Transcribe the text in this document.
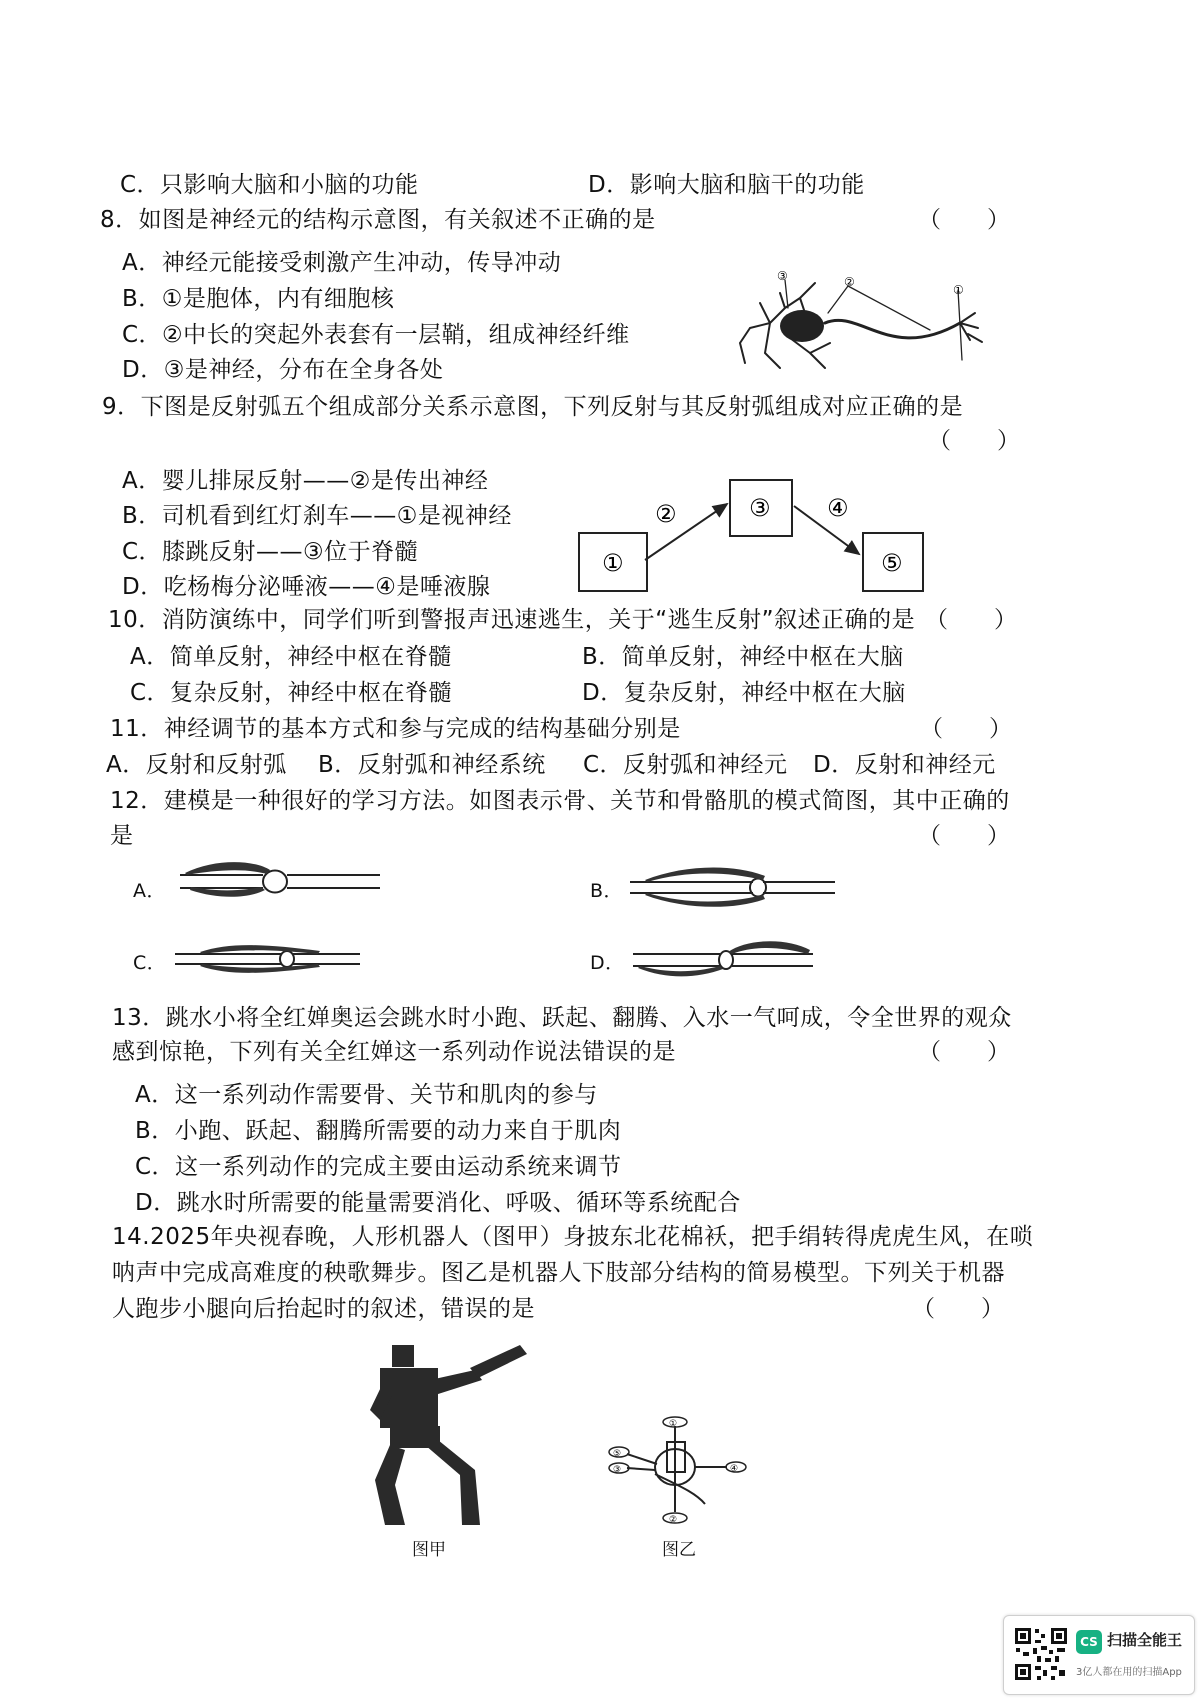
C．只影响大脑和小脑的功能	D．影响大脑和脑干的功能
8．如图是神经元的结构示意图，有关叙述不正确的是	（　　）
A．神经元能接受刺激产生冲动，传导冲动
B．①是胞体，内有细胞核
C．②中长的突起外表套有一层鞘，组成神经纤维
D．③是神经，分布在全身各处
③	②
①
9．下图是反射弧五个组成部分关系示意图，下列反射与其反射弧组成对应正确的是
（　　）
A．婴儿排尿反射——②是传出神经
B．司机看到红灯刹车——①是视神经
C．膝跳反射——③位于脊髓
D．吃杨梅分泌唾液——④是唾液腺
①
②	③ ④
⑤
10．消防演练中，同学们听到警报声迅速逃生，关于“逃生反射”叙述正确的是 （　　）
A．简单反射，神经中枢在脊髓	B．简单反射，神经中枢在大脑
C．复杂反射，神经中枢在脊髓	D．复杂反射，神经中枢在大脑
11．神经调节的基本方式和参与完成的结构基础分别是	（　　）
A．反射和反射弧 B．反射弧和神经系统 C．反射弧和神经元 D．反射和神经元
12．建模是一种很好的学习方法。如图表示骨、关节和骨骼肌的模式简图，其中正确的
是	（　　）
A．	B．
C．	D．
13．跳水小将全红婵奥运会跳水时小跑、跃起、翻腾、入水一气呵成，令全世界的观众
感到惊艳，下列有关全红婵这一系列动作说法错误的是	（　　）
A．这一系列动作需要骨、关节和肌肉的参与
B．小跑、跃起、翻腾所需要的动力来自于肌肉
C．这一系列动作的完成主要由运动系统来调节
D．跳水时所需要的能量需要消化、呼吸、循环等系统配合
14.2025年央视春晚，人形机器人（图甲）身披东北花棉袄，把手绢转得虎虎生风，在唢
呐声中完成高难度的秧歌舞步。图乙是机器人下肢部分结构的简易模型。下列关于机器
人跑步小腿向后抬起时的叙述，错误的是	（　　）
图甲
①
②
③	④
⑤
图乙
CS 扫描全能王
3亿人都在用的扫描App
